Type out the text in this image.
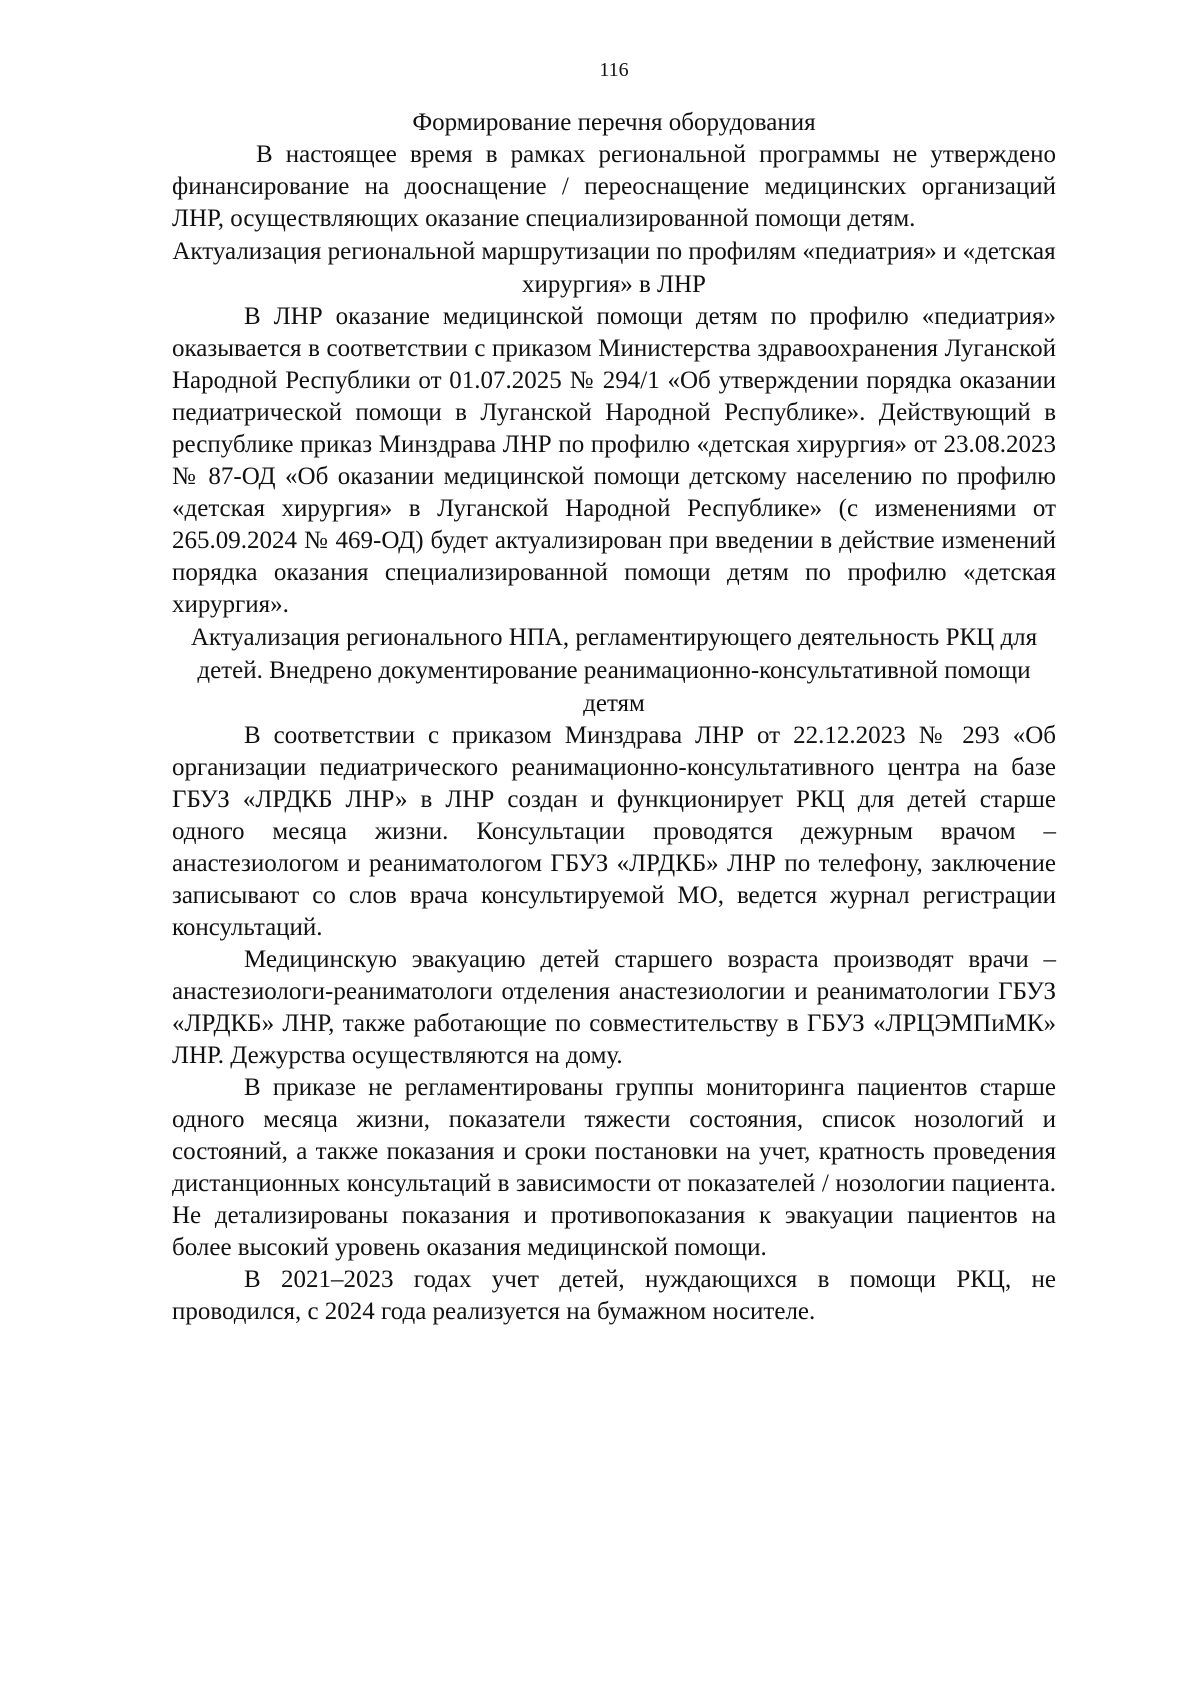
116
Формирование перечня оборудования

В настоящее время в рамках региональной программы не утверждено финансирование на дооснащение / переоснащение медицинских организаций ЛНР, осуществляющих оказание специализированной помощи детям.

Актуализация региональной маршрутизации по профилям «педиатрия» и «детская хирургия» в ЛНР

В ЛНР оказание медицинской помощи детям по профилю «педиатрия» оказывается в соответствии с приказом Министерства здравоохранения Луганской Народной Республики от 01.07.2025 № 294/1 «Об утверждении порядка оказании педиатрической помощи в Луганской Народной Республике». Действующий в республике приказ Минздрава ЛНР по профилю «детская хирургия» от 23.08.2023 № 87-ОД «Об оказании медицинской помощи детскому населению по профилю «детская хирургия» в Луганской Народной Республике» (с изменениями от 265.09.2024 № 469-ОД) будет актуализирован при введении в действие изменений порядка оказания специализированной помощи детям по профилю «детская хирургия».

Актуализация регионального НПА, регламентирующего деятельность РКЦ для детей. Внедрено документирование реанимационно-консультативной помощи детям

В соответствии с приказом Минздрава ЛНР от 22.12.2023 № 293 «Об организации педиатрического реанимационно-консультативного центра на базе ГБУЗ «ЛРДКБ ЛНР» в ЛНР создан и функционирует РКЦ для детей старше одного месяца жизни. Консультации проводятся дежурным врачом – анастезиологом и реаниматологом ГБУЗ «ЛРДКБ» ЛНР по телефону, заключение записывают со слов врача консультируемой МО, ведется журнал регистрации консультаций.

Медицинскую эвакуацию детей старшего возраста производят врачи – анастезиологи-реаниматологи отделения анастезиологии и реаниматологии ГБУЗ «ЛРДКБ» ЛНР, также работающие по совместительству в ГБУЗ «ЛРЦЭМПиМК» ЛНР. Дежурства осуществляются на дому.

В приказе не регламентированы группы мониторинга пациентов старше одного месяца жизни, показатели тяжести состояния, список нозологий и состояний, а также показания и сроки постановки на учет, кратность проведения дистанционных консультаций в зависимости от показателей / нозологии пациента. Не детализированы показания и противопоказания к эвакуации пациентов на более высокий уровень оказания медицинской помощи.

В 2021–2023 годах учет детей, нуждающихся в помощи РКЦ, не проводился, с 2024 года реализуется на бумажном носителе.
